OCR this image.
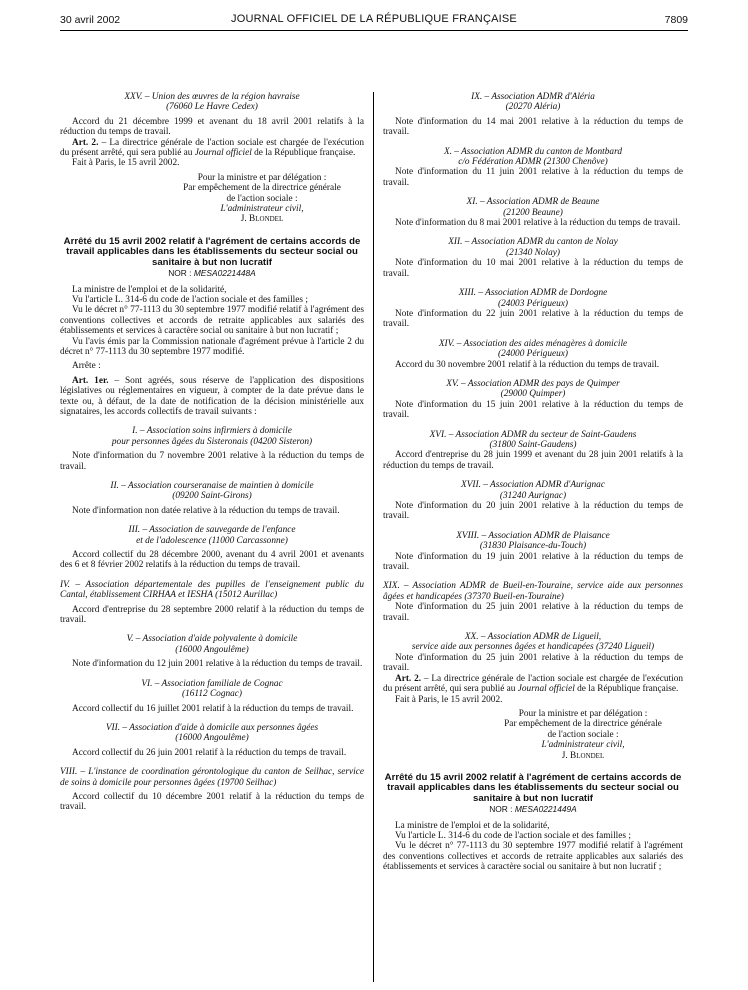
30 avril 2002	JOURNAL OFFICIEL DE LA RÉPUBLIQUE FRANÇAISE	7809

XXV. – Union des œuvres de la région havraise

(76060 Le Havre Cedex)

Accord du 21 décembre 1999 et avenant du 18 avril 2001 relatifs à la réduction du temps de travail.

Art. 2. – La directrice générale de l'action sociale est chargée de l'exécution du présent arrêté, qui sera publié au Journal officiel de la République française.

Fait à Paris, le 15 avril 2002.

Pour la ministre et par délégation :

Par empêchement de la directrice générale

de l'action sociale :

L'administrateur civil,

J. Blondel

Arrêté du 15 avril 2002 relatif à l'agrément de certains accords de travail applicables dans les établissements du secteur social ou sanitaire à but non lucratif

NOR : MESA0221448A

La ministre de l'emploi et de la solidarité,

Vu l'article L. 314-6 du code de l'action sociale et des familles ;

Vu le décret n° 77-1113 du 30 septembre 1977 modifié relatif à l'agrément des conventions collectives et accords de retraite applicables aux salariés des établissements et services à caractère social ou sanitaire à but non lucratif ;

Vu l'avis émis par la Commission nationale d'agrément prévue à l'article 2 du décret n° 77-1113 du 30 septembre 1977 modifié.

Arrête :

Art. 1er. – Sont agréés, sous réserve de l'application des dispositions législatives ou réglementaires en vigueur, à compter de la date prévue dans le texte ou, à défaut, de la date de notification de la décision ministérielle aux signataires, les accords collectifs de travail suivants :

I. – Association soins infirmiers à domicile

pour personnes âgées du Sisteronais (04200 Sisteron)

Note d'information du 7 novembre 2001 relative à la réduction du temps de travail.

II. – Association courseranaise de maintien à domicile

(09200 Saint-Girons)

Note d'information non datée relative à la réduction du temps de travail.

III. – Association de sauvegarde de l'enfance

et de l'adolescence (11000 Carcassonne)

Accord collectif du 28 décembre 2000, avenant du 4 avril 2001 et avenants des 6 et 8 février 2002 relatifs à la réduction du temps de travail.

IV. – Association départementale des pupilles de l'enseignement public du Cantal, établissement CIRHAA et IESHA (15012 Aurillac)

Accord d'entreprise du 28 septembre 2000 relatif à la réduction du temps de travail.

V. – Association d'aide polyvalente à domicile

(16000 Angoulême)

Note d'information du 12 juin 2001 relative à la réduction du temps de travail.

VI. – Association familiale de Cognac

(16112 Cognac)

Accord collectif du 16 juillet 2001 relatif à la réduction du temps de travail.

VII. – Association d'aide à domicile aux personnes âgées

(16000 Angoulême)

Accord collectif du 26 juin 2001 relatif à la réduction du temps de travail.

VIII. – L'instance de coordination gérontologique du canton de Seilhac, service de soins à domicile pour personnes âgées (19700 Seilhac)

Accord collectif du 10 décembre 2001 relatif à la réduction du temps de travail.

IX. – Association ADMR d'Aléria

(20270 Aléria)

Note d'information du 14 mai 2001 relative à la réduction du temps de travail.

X. – Association ADMR du canton de Montbard

c/o Fédération ADMR (21300 Chenôve)

Note d'information du 11 juin 2001 relative à la réduction du temps de travail.

XI. – Association ADMR de Beaune

(21200 Beaune)

Note d'information du 8 mai 2001 relative à la réduction du temps de travail.

XII. – Association ADMR du canton de Nolay

(21340 Nolay)

Note d'information du 10 mai 2001 relative à la réduction du temps de travail.

XIII. – Association ADMR de Dordogne

(24003 Périgueux)

Note d'information du 22 juin 2001 relative à la réduction du temps de travail.

XIV. – Association des aides ménagères à domicile

(24000 Périgueux)

Accord du 30 novembre 2001 relatif à la réduction du temps de travail.

XV. – Association ADMR des pays de Quimper

(29000 Quimper)

Note d'information du 15 juin 2001 relative à la réduction du temps de travail.

XVI. – Association ADMR du secteur de Saint-Gaudens

(31800 Saint-Gaudens)

Accord d'entreprise du 28 juin 1999 et avenant du 28 juin 2001 relatifs à la réduction du temps de travail.

XVII. – Association ADMR d'Aurignac

(31240 Aurignac)

Note d'information du 20 juin 2001 relative à la réduction du temps de travail.

XVIII. – Association ADMR de Plaisance

(31830 Plaisance-du-Touch)

Note d'information du 19 juin 2001 relative à la réduction du temps de travail.

XIX. – Association ADMR de Bueil-en-Touraine, service aide aux personnes âgées et handicapées (37370 Bueil-en-Touraine)

Note d'information du 25 juin 2001 relative à la réduction du temps de travail.

XX. – Association ADMR de Ligueil,

service aide aux personnes âgées et handicapées (37240 Ligueil)

Note d'information du 25 juin 2001 relative à la réduction du temps de travail.

Art. 2. – La directrice générale de l'action sociale est chargée de l'exécution du présent arrêté, qui sera publié au Journal officiel de la République française.

Fait à Paris, le 15 avril 2002.

Pour la ministre et par délégation :

Par empêchement de la directrice générale

de l'action sociale :

L'administrateur civil,

J. Blondel

Arrêté du 15 avril 2002 relatif à l'agrément de certains accords de travail applicables dans les établissements du secteur social ou sanitaire à but non lucratif

NOR : MESA0221449A

La ministre de l'emploi et de la solidarité,

Vu l'article L. 314-6 du code de l'action sociale et des familles ;

Vu le décret n° 77-1113 du 30 septembre 1977 modifié relatif à l'agrément des conventions collectives et accords de retraite applicables aux salariés des établissements et services à caractère social ou sanitaire à but non lucratif ;
